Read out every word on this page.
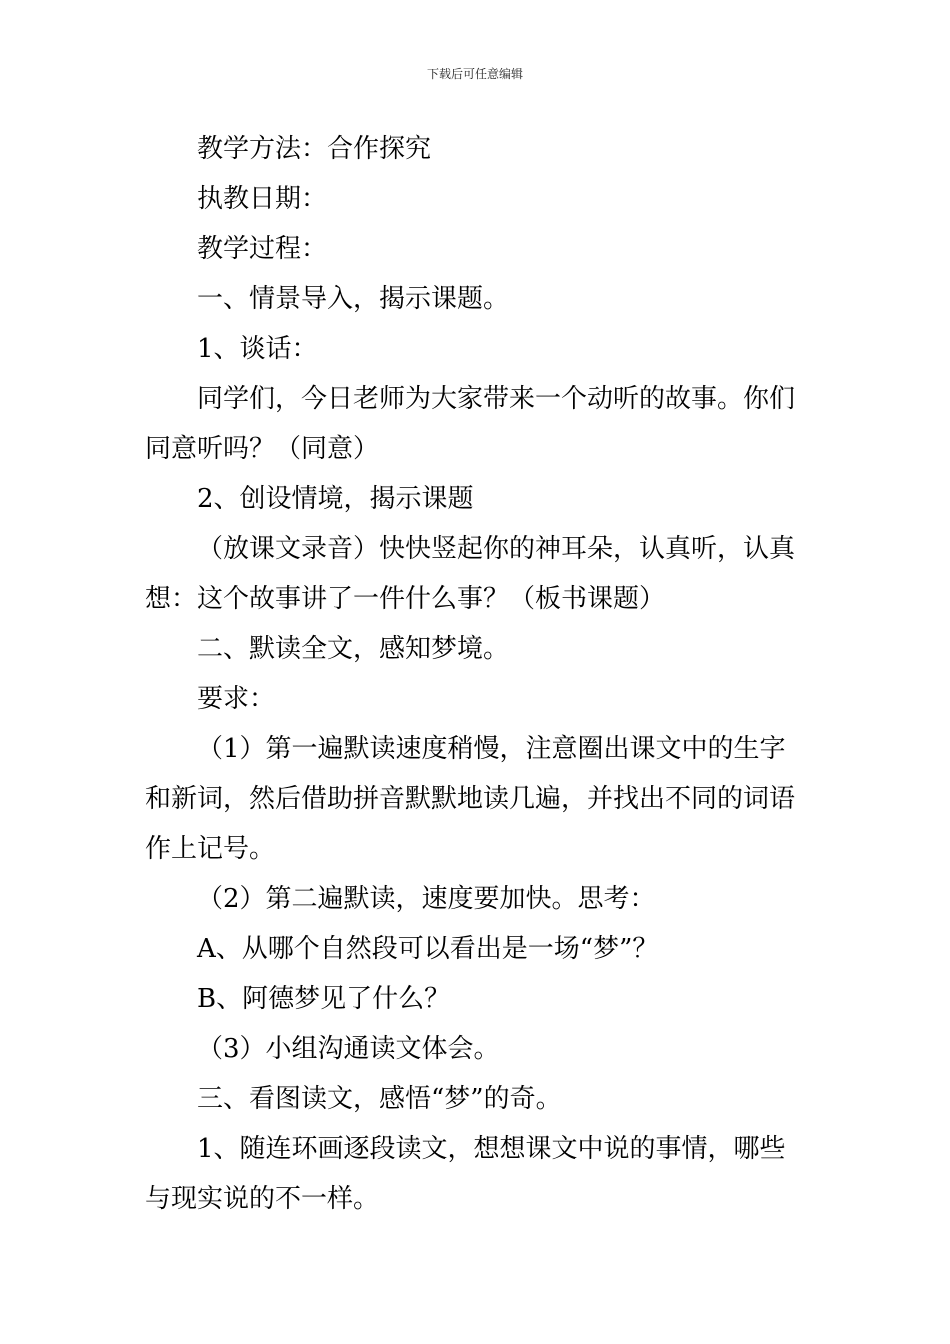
下载后可任意编辑

教学方法：合作探究

执教日期：

教学过程：

一、情景导入，揭示课题。

1、谈话：

同学们，今日老师为大家带来一个动听的故事。你们同意听吗？（同意）

2、创设情境，揭示课题

（放课文录音）快快竖起你的神耳朵，认真听，认真想：这个故事讲了一件什么事？（板书课题）

二、默读全文，感知梦境。

要求：

（1）第一遍默读速度稍慢，注意圈出课文中的生字和新词，然后借助拼音默默地读几遍，并找出不同的词语作上记号。

（2）第二遍默读，速度要加快。思考：

A、从哪个自然段可以看出是一场“梦”？

B、阿德梦见了什么？

（3）小组沟通读文体会。

三、看图读文，感悟“梦”的奇。

1、随连环画逐段读文，想想课文中说的事情，哪些与现实说的不一样。
